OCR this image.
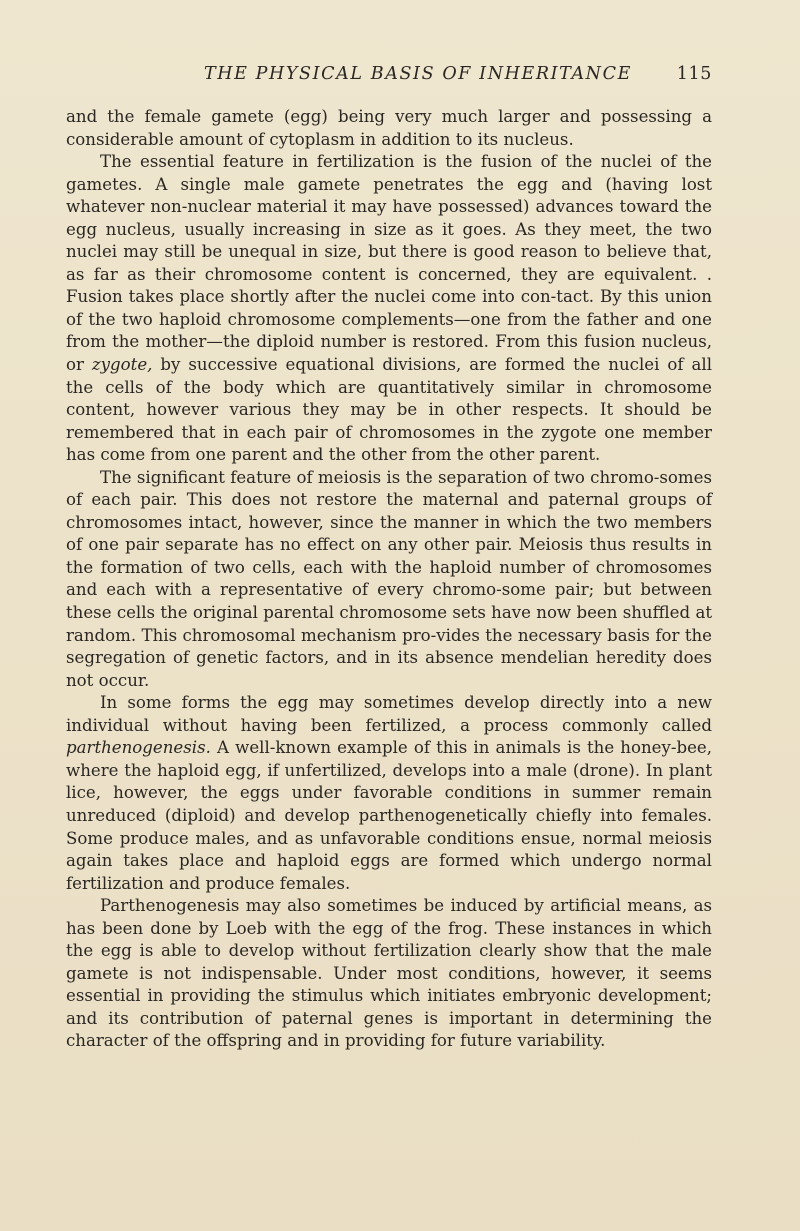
THE PHYSICAL BASIS OF INHERITANCE	115

and the female gamete (egg) being very much larger and possessing a considerable amount of cytoplasm in addition to its nucleus.

The essential feature in fertilization is the fusion of the nuclei of the gametes. A single male gamete penetrates the egg and (having lost whatever non-nuclear material it may have possessed) advances toward the egg nucleus, usually increasing in size as it goes. As they meet, the two nuclei may still be unequal in size, but there is good reason to believe that, as far as their chromosome content is concerned, they are equivalent. . Fusion takes place shortly after the nuclei come into con-tact. By this union of the two haploid chromosome complements—one from the father and one from the mother—the diploid number is restored. From this fusion nucleus, or zygote, by successive equational divisions, are formed the nuclei of all the cells of the body which are quantitatively similar in chromosome content, however various they may be in other respects. It should be remembered that in each pair of chromosomes in the zygote one member has come from one parent and the other from the other parent.

The significant feature of meiosis is the separation of two chromo-somes of each pair. This does not restore the maternal and paternal groups of chromosomes intact, however, since the manner in which the two members of one pair separate has no effect on any other pair. Meiosis thus results in the formation of two cells, each with the haploid number of chromosomes and each with a representative of every chromo-some pair; but between these cells the original parental chromosome sets have now been shuffled at random. This chromosomal mechanism pro-vides the necessary basis for the segregation of genetic factors, and in its absence mendelian heredity does not occur.

In some forms the egg may sometimes develop directly into a new individual without having been fertilized, a process commonly called parthenogenesis. A well-known example of this in animals is the honey-bee, where the haploid egg, if unfertilized, develops into a male (drone). In plant lice, however, the eggs under favorable conditions in summer remain unreduced (diploid) and develop parthenogenetically chiefly into females. Some produce males, and as unfavorable conditions ensue, normal meiosis again takes place and haploid eggs are formed which undergo normal fertilization and produce females.

Parthenogenesis may also sometimes be induced by artificial means, as has been done by Loeb with the egg of the frog. These instances in which the egg is able to develop without fertilization clearly show that the male gamete is not indispensable. Under most conditions, however, it seems essential in providing the stimulus which initiates embryonic development; and its contribution of paternal genes is important in determining the character of the offspring and in providing for future variability.
